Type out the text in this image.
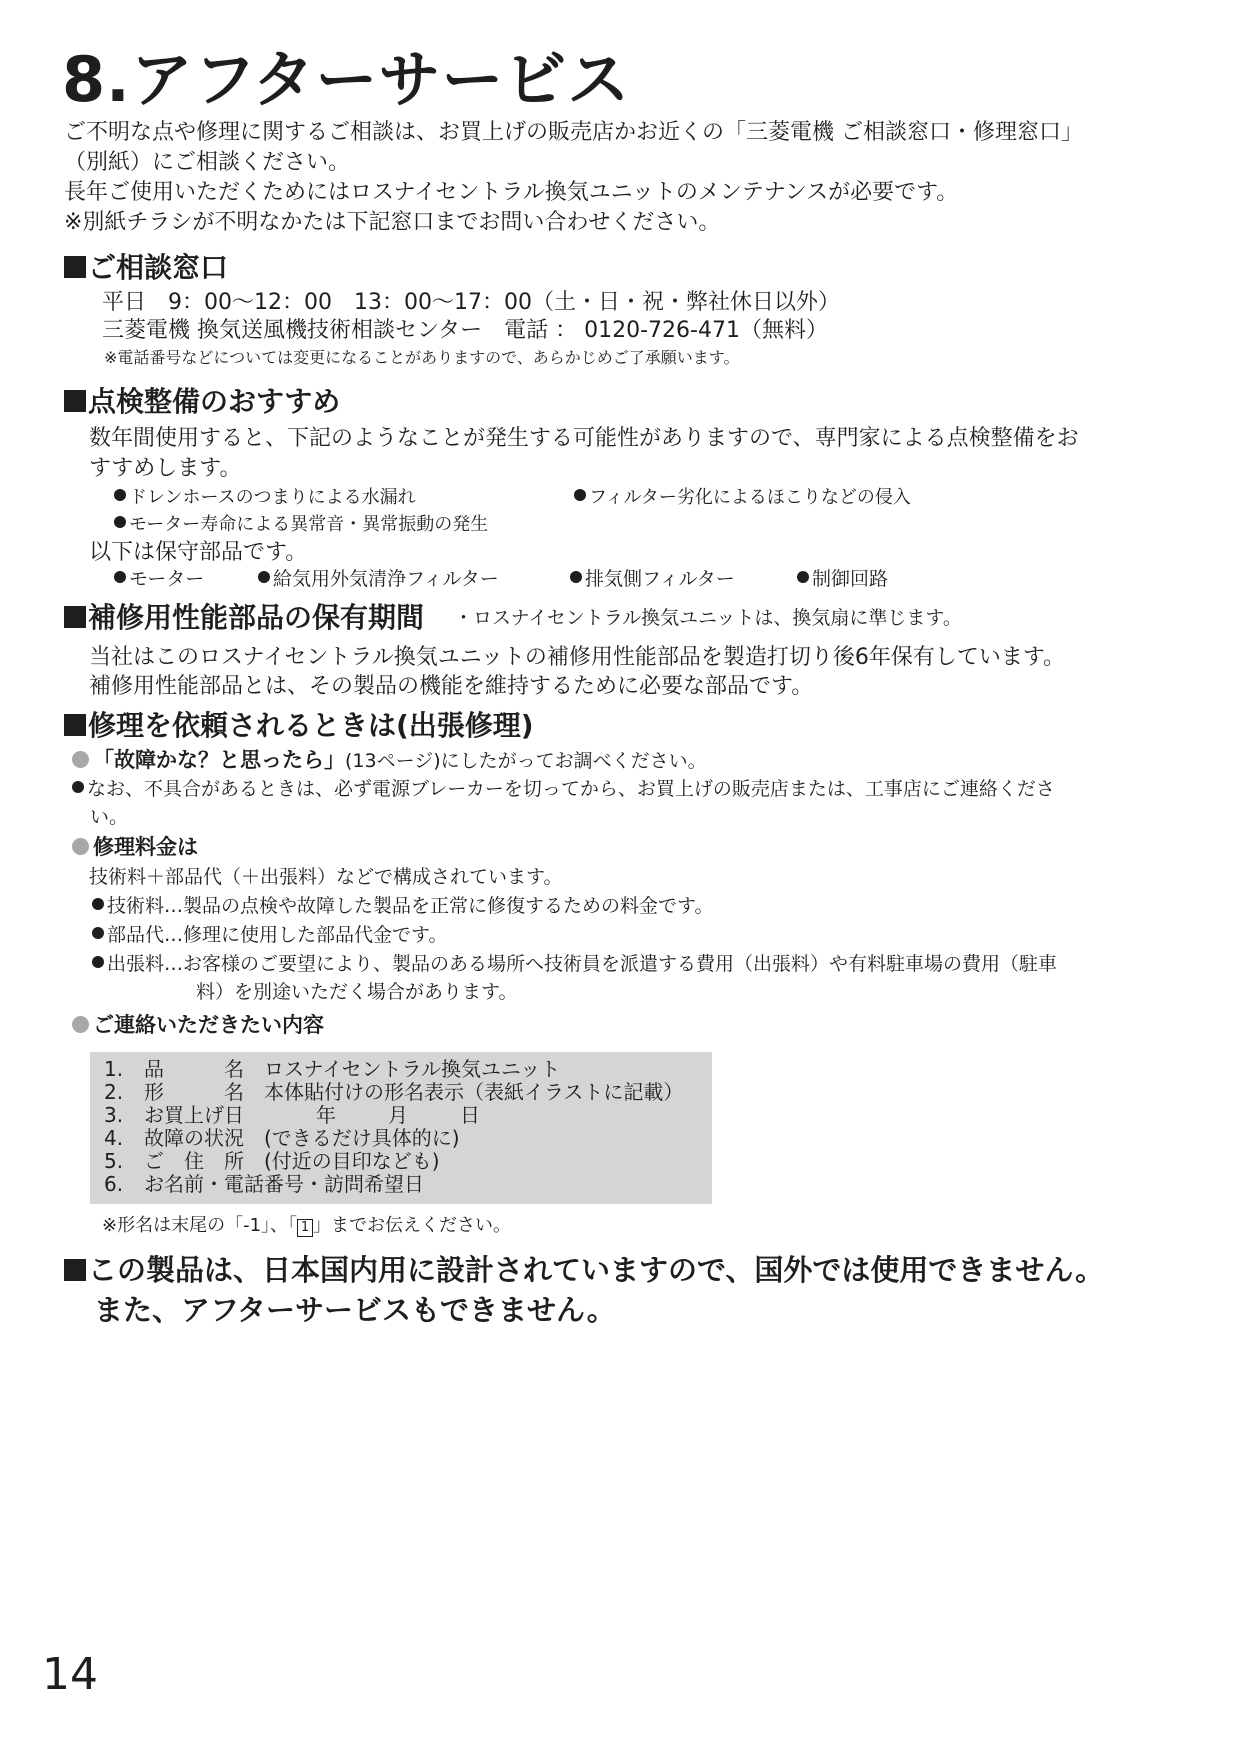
8.アフターサービス
ご不明な点や修理に関するご相談は、お買上げの販売店かお近くの「三菱電機 ご相談窓口・修理窓口」
（別紙）にご相談ください。
長年ご使用いただくためにはロスナイセントラル換気ユニットのメンテナンスが必要です。
※別紙チラシが不明なかたは下記窓口までお問い合わせください。
ご相談窓口
平日　9：00～12：00　13：00～17：00（土・日・祝・弊社休日以外）
三菱電機 換気送風機技術相談センター　電話 ： 0120-726-471（無料）
※電話番号などについては変更になることがありますので、あらかじめご了承願います。
点検整備のおすすめ
数年間使用すると、下記のようなことが発生する可能性がありますので、専門家による点検整備をお
すすめします。
ドレンホースのつまりによる水漏れ	フィルター劣化によるほこりなどの侵入
モーター寿命による異常音・異常振動の発生
以下は保守部品です。
モーター	給気用外気清浄フィルター	排気側フィルター	制御回路
補修用性能部品の保有期間 ・ロスナイセントラル換気ユニットは、換気扇に準じます。
当社はこのロスナイセントラル換気ユニットの補修用性能部品を製造打切り後6年保有しています。
補修用性能部品とは、その製品の機能を維持するために必要な部品です。
修理を依頼されるときは(出張修理)
「故障かな？と思ったら」(13ページ)にしたがってお調べください。
なお、不具合があるときは、必ず電源ブレーカーを切ってから、お買上げの販売店または、工事店にご連絡くださ
い。
修理料金は
技術料＋部品代（＋出張料）などで構成されています。
技術料…製品の点検や故障した製品を正常に修復するための料金です。
部品代…修理に使用した部品代金です。
出張料…お客様のご要望により、製品のある場所へ技術員を派遣する費用（出張料）や有料駐車場の費用（駐車
料）を別途いただく場合があります。
ご連絡いただきたい内容
1. 品　　　名 ロスナイセントラル換気ユニット
2. 形　　　名 本体貼付けの形名表示（表紙イラストに記載）
3. お買上げ日	年	月	日
4. 故障の状況 (できるだけ具体的に)
5. ご　住　所 (付近の目印なども)
6. お名前・電話番号・訪問希望日
※形名は末尾の「-1」、「 1 」までお伝えください。
この製品は、日本国内用に設計されていますので、国外では使用できません。
また、アフターサービスもできません。
14
